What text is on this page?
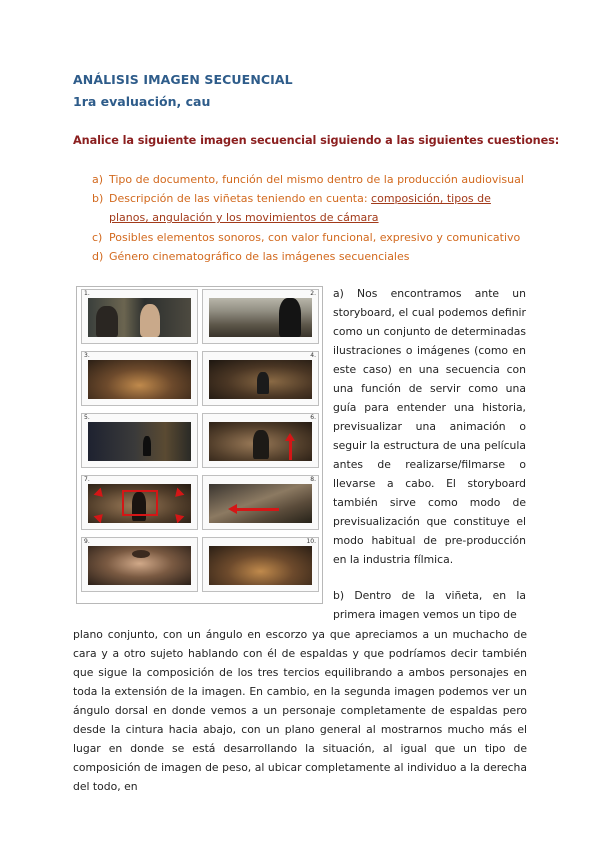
ANÁLISIS IMAGEN SECUENCIAL
1ra evaluación, cau

Analice la siguiente imagen secuencial siguiendo a las siguientes cuestiones:

a) Tipo de documento, función del mismo dentro de la producción audiovisual
b) Descripción de las viñetas teniendo en cuenta: composición, tipos de planos, angulación y los movimientos de cámara
c) Posibles elementos sonoros, con valor funcional, expresivo y comunicativo
d) Género cinematográfico de las imágenes secuenciales
1.	2.
3.	4.
5.	6.
7.	8.
9.	10.

a) Nos encontramos ante un storyboard, el cual podemos definir como un conjunto de determinadas ilustraciones o imágenes (como en este caso) en una secuencia con una función de servir como una guía para entender una historia, previsualizar una animación o seguir la estructura de una película antes de realizarse/filmarse o llevarse a cabo. El storyboard también sirve como modo de previsualización que constituye el modo habitual de pre-producción en la industria fílmica.

b) Dentro de la viñeta, en la primera imagen vemos un tipo de

plano conjunto, con un ángulo en escorzo ya que apreciamos a un muchacho de cara y a otro sujeto hablando con él de espaldas y que podríamos decir también que sigue la composición de los tres tercios equilibrando a ambos personajes en toda la extensión de la imagen. En cambio, en la segunda imagen podemos ver un ángulo dorsal en donde vemos a un personaje completamente de espaldas pero desde la cintura hacia abajo, con un plano general al mostrarnos mucho más el lugar en donde se está desarrollando la situación, al igual que un tipo de composición de imagen de peso, al ubicar completamente al individuo a la derecha del todo, en
